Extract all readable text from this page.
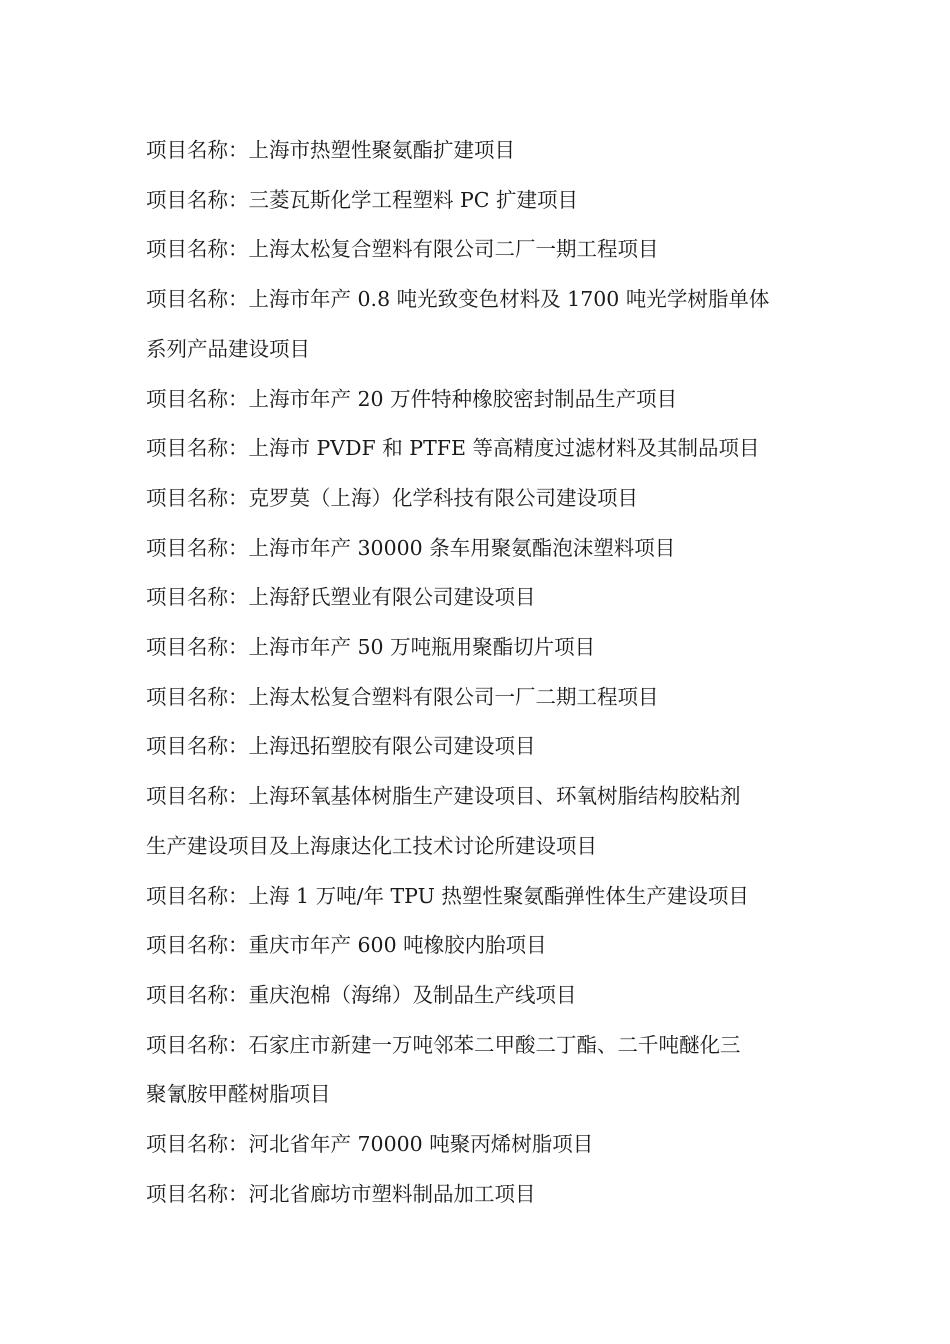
项目名称：上海市热塑性聚氨酯扩建项目
项目名称：三菱瓦斯化学工程塑料 PC 扩建项目
项目名称：上海太松复合塑料有限公司二厂一期工程项目
项目名称：上海市年产 0.8 吨光致变色材料及 1700 吨光学树脂单体
系列产品建设项目
项目名称：上海市年产 20 万件特种橡胶密封制品生产项目
项目名称：上海市 PVDF 和 PTFE 等高精度过滤材料及其制品项目
项目名称：克罗莫（上海）化学科技有限公司建设项目
项目名称：上海市年产 30000 条车用聚氨酯泡沫塑料项目
项目名称：上海舒氏塑业有限公司建设项目
项目名称：上海市年产 50 万吨瓶用聚酯切片项目
项目名称：上海太松复合塑料有限公司一厂二期工程项目
项目名称：上海迅拓塑胶有限公司建设项目
项目名称：上海环氧基体树脂生产建设项目、环氧树脂结构胶粘剂
生产建设项目及上海康达化工技术讨论所建设项目
项目名称：上海 1 万吨/年 TPU 热塑性聚氨酯弹性体生产建设项目
项目名称：重庆市年产 600 吨橡胶内胎项目
项目名称：重庆泡棉（海绵）及制品生产线项目
项目名称：石家庄市新建一万吨邻苯二甲酸二丁酯、二千吨醚化三
聚氰胺甲醛树脂项目
项目名称：河北省年产 70000 吨聚丙烯树脂项目
项目名称：河北省廊坊市塑料制品加工项目
